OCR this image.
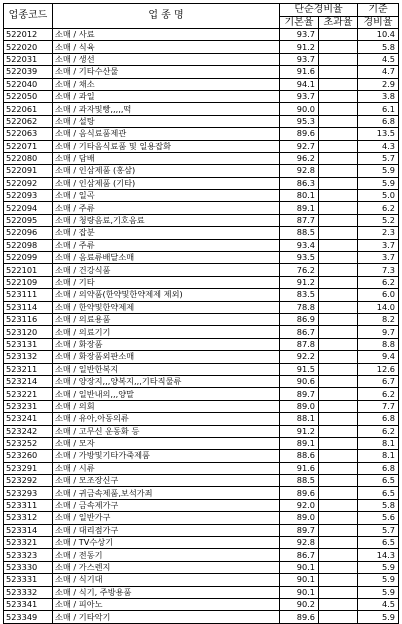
업종코드	업 종 명	단순경비율		기준
		기본율	초과율	경비율
522012	소매 / 사료	93.7		10.4
522020	소매 / 식육	91.2		5.8
522031	소매 / 생선	93.7		4.5
522039	소매 / 기타수산물	91.6		4.7
522040	소매 / 채소	94.1		2.9
522050	소매 / 과일	93.7		3.8
522061	소매 / 과자및빵,,,,,떡	90.0		6.1
522062	소매 / 설탕	95.3		6.8
522063	소매 / 음식료품제관	89.6		13.5
522071	소매 / 기타음식료품 및 일용잡화	92.7		4.3
522080	소매 / 담배	96.2		5.7
522091	소매 / 인삼제품 (홍삼)	92.8		5.9
522092	소매 / 인삼제품 (기타)	86.3		5.9
522093	소매 / 일곡	80.1		5.0
522094	소매 / 주류	89.1		6.2
522095	소매 / 청량음료,기호음료	87.7		5.2
522096	소매 / 잡분	88.5		2.3
522098	소매 / 주류	93.4		3.7
522099	소매 / 음료류배달소매	93.5		3.7
522101	소매 / 건강식품	76.2		7.3
522109	소매 / 기타	91.2		6.2
523111	소매 / 의약품(한약및한약제제 제외)	83.5		6.0
523114	소매 / 한약및한약제제	78.8		14.0
523116	소매 / 의료용품	86.9		8.2
523120	소매 / 의료기기	86.7		9.7
523131	소매 / 화장품	87.8		8.8
523132	소매 / 화장품외판소매	92.2		9.4
523211	소매 / 일반한복지	91.5		12.6
523214	소매 / 양장지,,,양복지,,,기타직물류	90.6		6.7
523221	소매 / 일반내의,,,양말	89.7		6.2
523231	소매 / 의회	89.0		7.7
523241	소매 / 유아,아동의류	88.1		6.8
523242	소매 / 고무신 운동화 등	91.2		6.2
523252	소매 / 모자	89.1		8.1
523260	소매 / 가방및기타가죽제품	88.6		8.1
523291	소매 / 시류	91.6		6.8
523292	소매 / 모조장신구	88.5		6.5
523293	소매 / 귀금속제품,보석가죄	89.6		6.5
523311	소매 / 금속제가구	92.0		5.8
523312	소매 / 일반가구	89.0		5.6
523314	소매 / 대리점가구	89.7		5.7
523321	소매 / TV수상기	92.8		6.5
523323	소매 / 전동기	86.7		14.3
523330	소매 / 가스렌지	90.1		5.9
523331	소매 / 식기대	90.1		5.9
523332	소매 / 식기, 주방용품	90.1		5.9
523341	소매 / 피아노	90.2		4.5
523349	소매 / 기타악기	89.6		5.9
